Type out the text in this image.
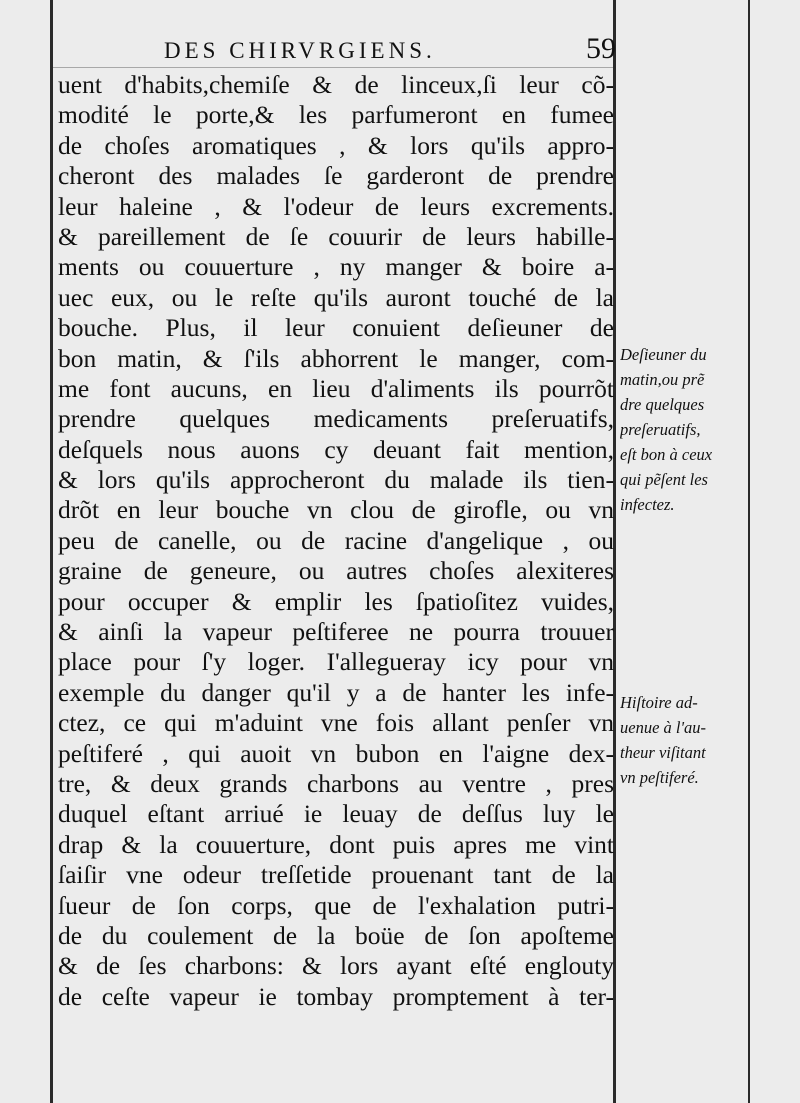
DES CHIRVRGIENS.	59
uent d'habits,chemiſe & de linceux,ſi leur cõ-
modité le porte,& les parfumeront en fumee
de choſes aromatiques , & lors qu'ils appro-
cheront des malades ſe garderont de prendre
leur haleine , & l'odeur de leurs excrements.
& pareillement de ſe couurir de leurs habille-
ments ou couuerture , ny manger & boire a-
uec eux, ou le reſte qu'ils auront touché de la
bouche. Plus, il leur conuient deſieuner de
bon matin, & ſ'ils abhorrent le manger, com-
me font aucuns, en lieu d'aliments ils pourrõt
prendre quelques medicaments preſeruatifs,
deſquels nous auons cy deuant fait mention,
& lors qu'ils approcheront du malade ils tien-
drõt en leur bouche vn clou de girofle, ou vn
peu de canelle, ou de racine d'angelique , ou
graine de geneure, ou autres choſes alexiteres
pour occuper & emplir les ſpatioſitez vuides,
& ainſi la vapeur peſtiferee ne pourra trouuer
place pour ſ'y loger. I'allegueray icy pour vn
exemple du danger qu'il y a de hanter les infe-
ctez, ce qui m'aduint vne fois allant penſer vn
peſtiferé , qui auoit vn bubon en l'aigne dex-
tre, & deux grands charbons au ventre , pres
duquel eſtant arriué ie leuay de deſſus luy le
drap & la couuerture, dont puis apres me vint
ſaiſir vne odeur treſſetide prouenant tant de la
ſueur de ſon corps, que de l'exhalation putri-
de du coulement de la boüe de ſon apoſteme
& de ſes charbons: & lors ayant eſté englouty
de ceſte vapeur ie tombay promptement à ter-
Deſieuner du
matin,ou prẽ
dre quelques
preſeruatifs,
eſt bon à ceux
qui pẽſent les
infectez.
Hiſtoire ad-
uenue à l'au-
theur viſitant
vn peſtiferé.
